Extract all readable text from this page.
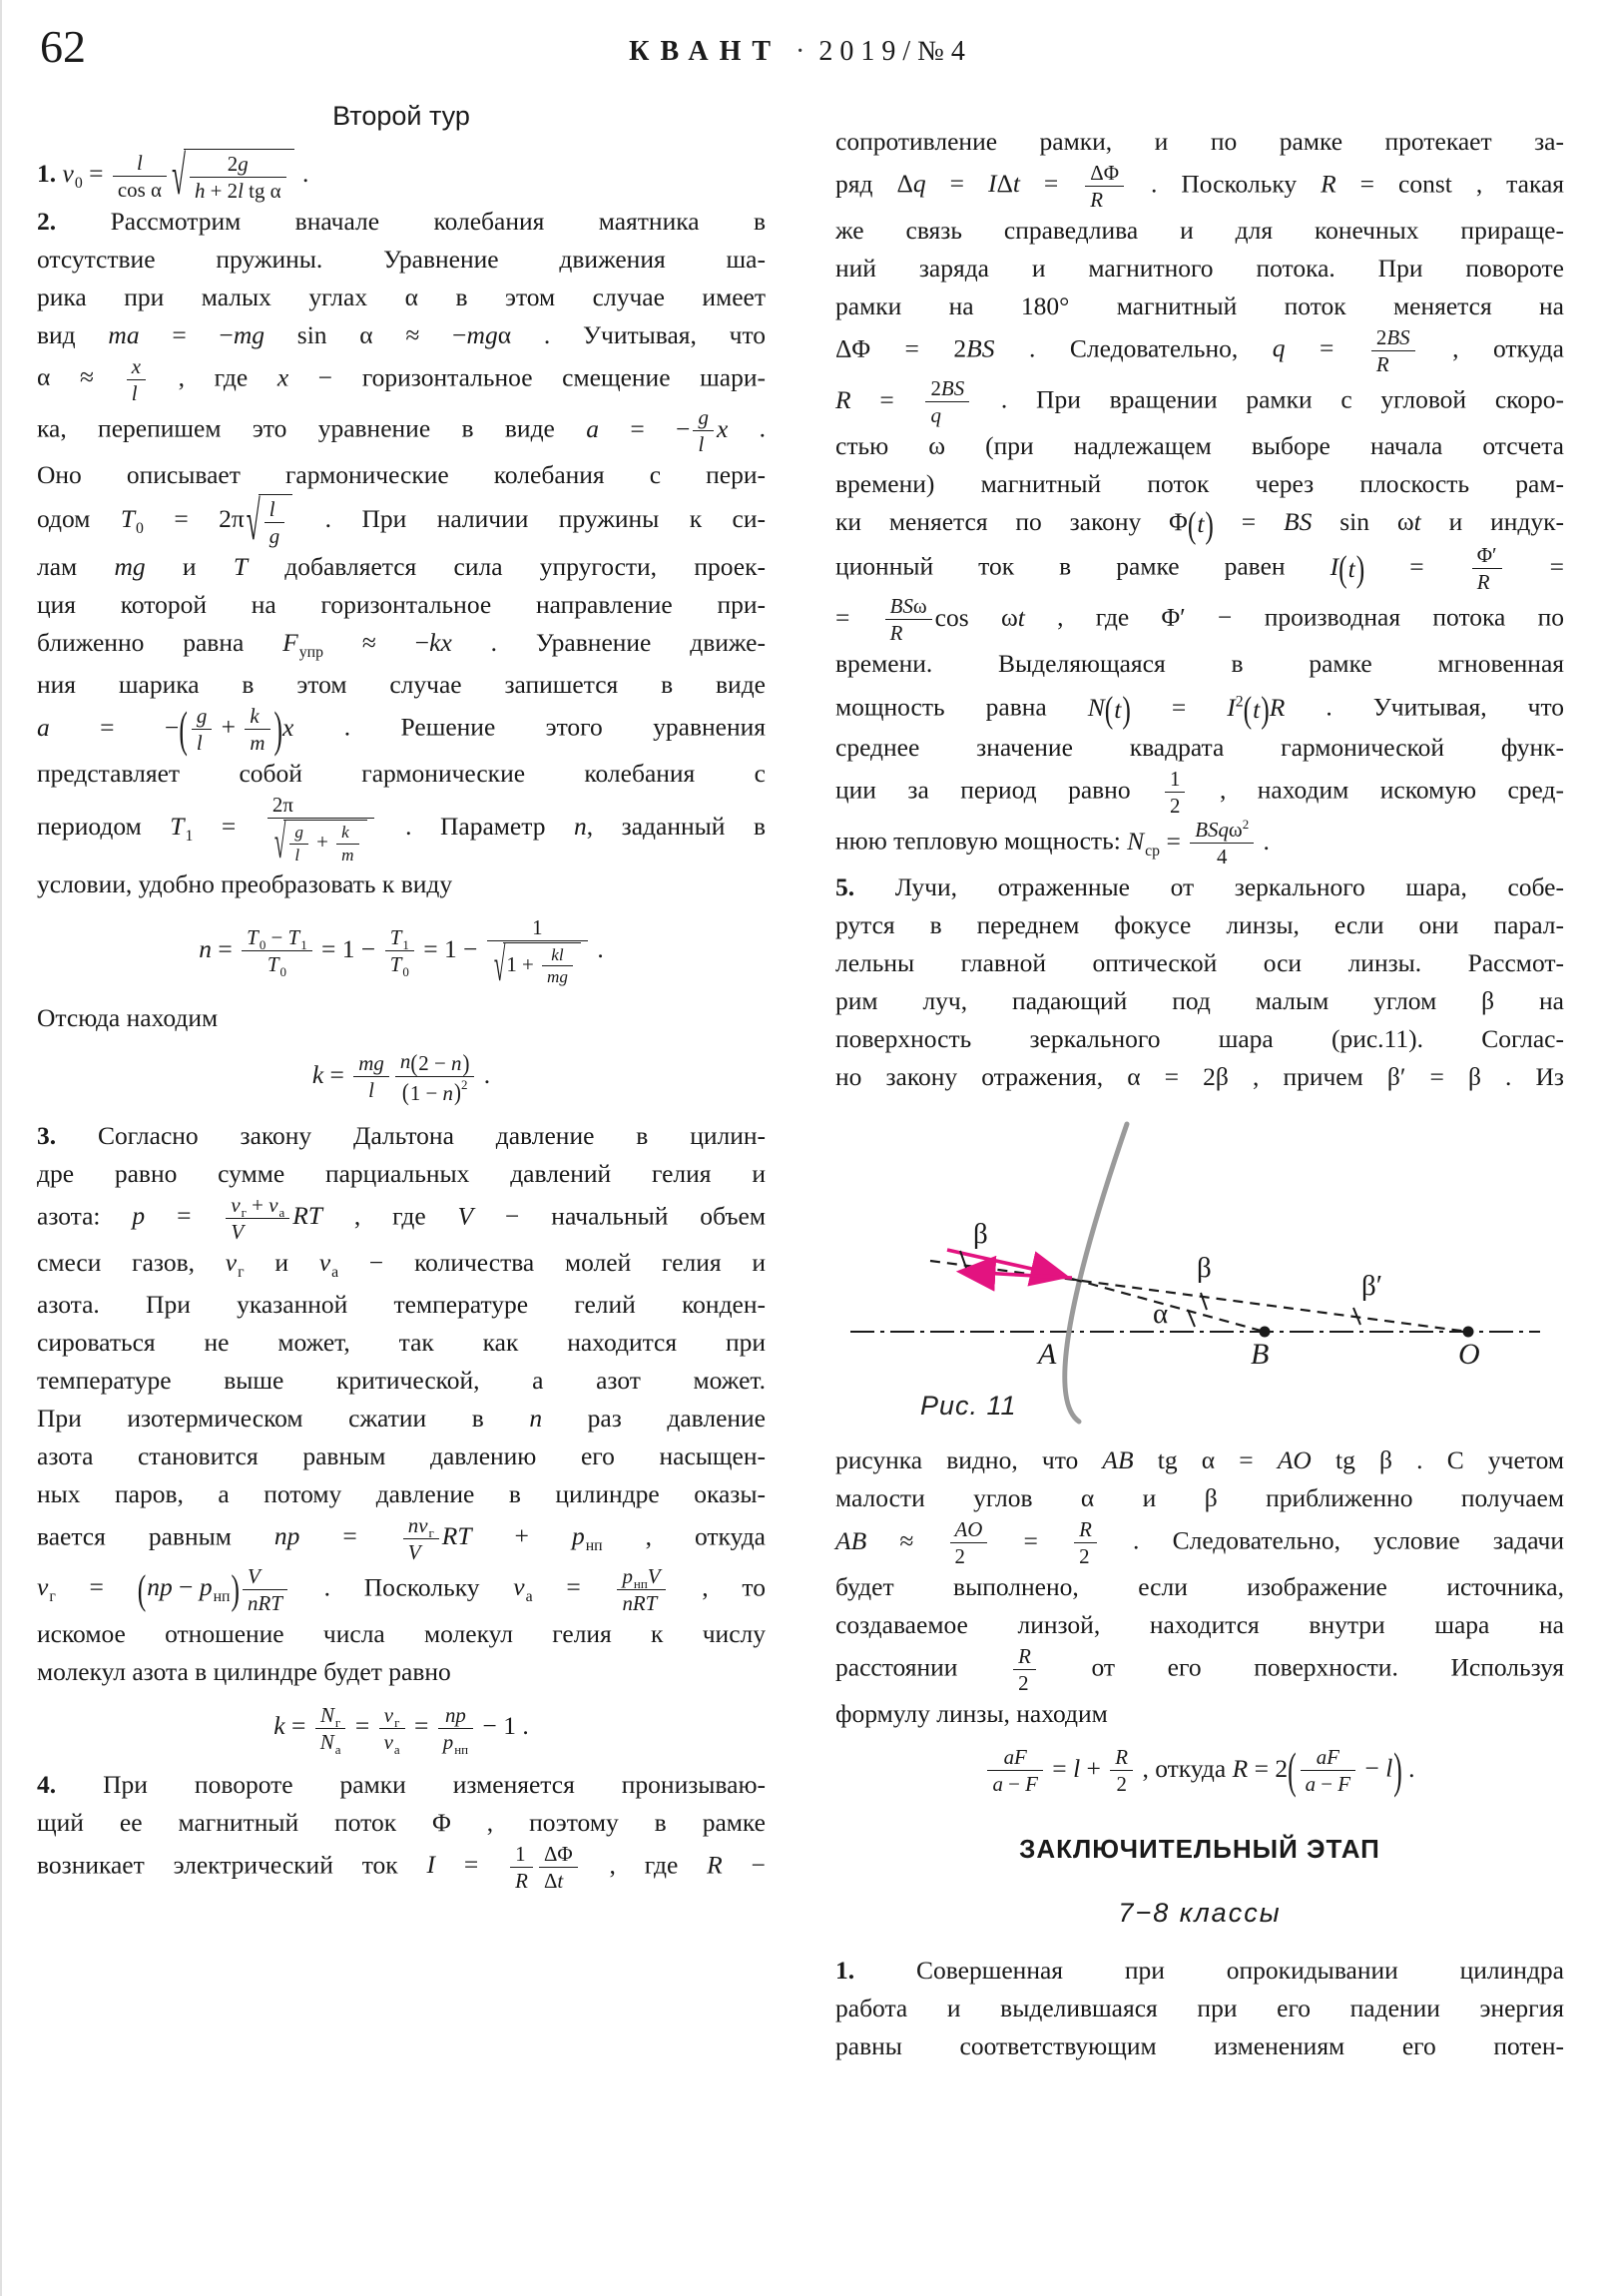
62	КВАНТ · 2019/№4
Второй тур
1. $v_0 = \frac{l}{\text{cos α}}$ √ $\frac{2g}{\text{h + 2l tg α}}$ .
2. Рассмотрим вначале колебания маятника в
отсутствие пружины. Уравнение движения ша-
рика при малых углах α в этом случае имеет
вид ma = −mg sin α ≈ −mgα . Учитывая, что
$\alpha \approx \frac{x}{l}$ , где x − горизонтальное смещение шари-
ка, перепишем это уравнение в виде a = − $\frac{g}{l}$ x .
Оно описывает гармонические колебания с пери-
одом $T_0 = 2\pi$ √ $\frac{l}{g}$ . При наличии пружины к си-
лам mg и T добавляется сила упругости, проек-
ция которой на горизонтальное направление при-
ближенно равна $F_{упр} \approx -kx$ . Уравнение движе-
ния шарика в этом случае запишется в виде
a = − ( $\frac{g}{l} + \frac{k}{m}$ ) x . Решение этого уравнения
представляет собой гармонические колебания с
периодом $T_1 = \frac{2\pi}{√ \frac{g}{l} + \frac{k}{m}}$ . Параметр n, заданный в
условии, удобно преобразовать к виду
$n = \frac{T_0 - T_1}{T_0} = 1 - \frac{T_1}{T_0} = 1 - \frac{1}{√ 1 + \frac{kl}{mg}}$ .
Отсюда находим
$k = \frac{mg}{l} \frac{n ( 2 - n )}{( 1 - n ) ^2}$ .
3. Согласно закону Дальтона давление в цилин-
дре равно сумме парциальных давлений гелия и
азота: $p = \frac{\nu_г + \nu_а}{V}$ RT , где V − начальный объем
смеси газов, $\nu_г$ и $\nu_а$ − количества молей гелия и
азота. При указанной температуре гелий конден-
сироваться не может, так как находится при
температуре выше критической, а азот может.
При изотермическом сжатии в n раз давление
азота становится равным давлению его насыщен-
ных паров, а потому давление в цилиндре оказы-
вается равным np = $\frac{n\nu_г}{V}$ RT + $p_{нп}$ , откуда
$\nu_г$ = ( np − $p_{нп}$ ) $\frac{V}{\text{nRT}}$ . Поскольку $\nu_а = \frac{p_{нп}V}{\text{nRT}}$ , то
искомое отношение числа молекул гелия к числу
молекул азота в цилиндре будет равно
$k = \frac{N_г}{N_а} = \frac{\nu_г}{\nu_а} = \frac{np}{p_{нп}} - 1$ .
4. При повороте рамки изменяется пронизываю-
щий ее магнитный поток Φ , поэтому в рамке
возникает электрический ток $I = \frac{1}{R} \frac{\Delta\Phi}{\Delta t}$ , где R −
сопротивление рамки, и по рамке протекает за-
ряд $\Delta q = I\Delta t = \frac{\Delta\Phi}{R}$ . Поскольку R = const , такая
же связь справедлива и для конечных прираще-
ний заряда и магнитного потока. При повороте
рамки на 180° магнитный поток меняется на
ΔΦ = 2BS . Следовательно, $q = \frac{2BS}{R}$ , откуда
$R = \frac{2BS}{q}$ . При вращении рамки с угловой скоро-
стью ω (при надлежащем выборе начала отсчета
времени) магнитный поток через плоскость рам-
ки меняется по закону Φ ( t ) = BS sin ωt и индук-
ционный ток в рамке равен I ( t ) = $\frac{\Phi'}{R}$ =
= $\frac{\text{BSω}}{R}$ cos ωt , где Φ′ − производная потока по
времени. Выделяющаяся в рамке мгновенная
мощность равна N ( t ) = $I^2$ ( t ) R . Учитывая, что
среднее значение квадрата гармонической функ-
ции за период равно $\frac{1}{2}$ , находим искомую сред-
нюю тепловую мощность: $N_{ср} = \frac{BSq\omega^2}{4}$ .
5. Лучи, отраженные от зеркального шара, собе-
рутся в переднем фокусе линзы, если они парал-
лельны главной оптической оси линзы. Рассмот-
рим луч, падающий под малым углом β на
поверхность зеркального шара (рис.11). Соглас-
но закону отражения, α = 2β , причем β′ = β . Из
β
β
β′
α
A	B	O
Рис. 11
рисунка видно, что AB tg α = AO tg β . С учетом
малости углов α и β приближенно получаем
AB ≈ $\frac{AO}{2} = \frac{R}{2}$ . Следовательно, условие задачи
будет выполнено, если изображение источника,
создаваемое линзой, находится внутри шара на
расстоянии $\frac{R}{2}$ от его поверхности. Используя
формулу линзы, находим
$\frac{aF}{a - F} = l + \frac{R}{2}$ , откуда R = 2 ( $\frac{aF}{a - F} - l$ ) .
ЗАКЛЮЧИТЕЛЬНЫЙ ЭТАП
7−8 классы
1. Совершенная при опрокидывании цилиндра
работа и выделившаяся при его падении энергия
равны соответствующим изменениям его потен-
